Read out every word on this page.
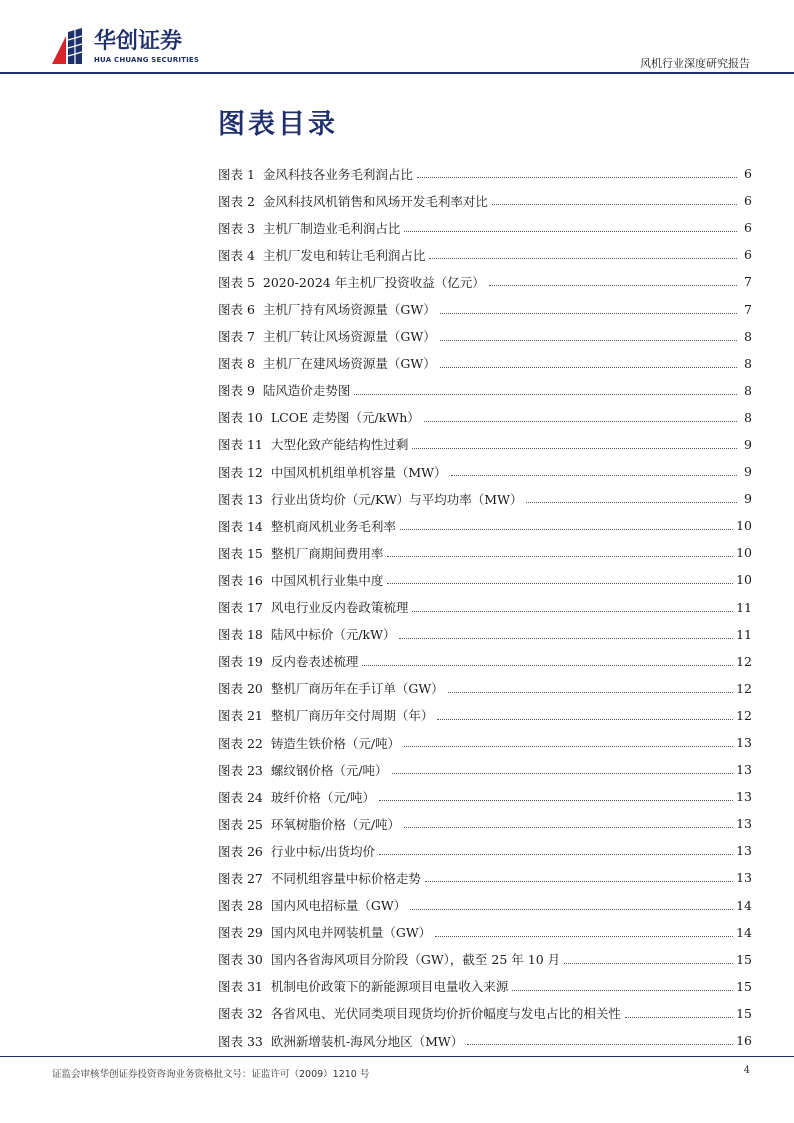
华创证券
HUA CHUANG SECURITIES	风机行业深度研究报告
图表目录
图表 1 金风科技各业务毛利润占比	6
图表 2 金风科技风机销售和风场开发毛利率对比	6
图表 3 主机厂制造业毛利润占比	6
图表 4 主机厂发电和转让毛利润占比	6
图表 5 2020-2024 年主机厂投资收益（亿元）	7
图表 6 主机厂持有风场资源量（GW）	7
图表 7 主机厂转让风场资源量（GW）	8
图表 8 主机厂在建风场资源量（GW）	8
图表 9 陆风造价走势图	8
图表 10 LCOE 走势图（元/kWh）	8
图表 11 大型化致产能结构性过剩	9
图表 12 中国风机机组单机容量（MW）	9
图表 13 行业出货均价（元/KW）与平均功率（MW）	9
图表 14 整机商风机业务毛利率	10
图表 15 整机厂商期间费用率	10
图表 16 中国风机行业集中度	10
图表 17 风电行业反内卷政策梳理	11
图表 18 陆风中标价（元/kW）	11
图表 19 反内卷表述梳理	12
图表 20 整机厂商历年在手订单（GW）	12
图表 21 整机厂商历年交付周期（年）	12
图表 22 铸造生铁价格（元/吨）	13
图表 23 螺纹钢价格（元/吨）	13
图表 24 玻纤价格（元/吨）	13
图表 25 环氧树脂价格（元/吨）	13
图表 26 行业中标/出货均价	13
图表 27 不同机组容量中标价格走势	13
图表 28 国内风电招标量（GW）	14
图表 29 国内风电并网装机量（GW）	14
图表 30 国内各省海风项目分阶段（GW），截至 25 年 10 月	15
图表 31 机制电价政策下的新能源项目电量收入来源	15
图表 32 各省风电、光伏同类项目现货均价折价幅度与发电占比的相关性	15
图表 33 欧洲新增装机-海风分地区（MW）	16
证监会审核华创证券投资咨询业务资格批文号：证监许可（2009）1210 号	4
